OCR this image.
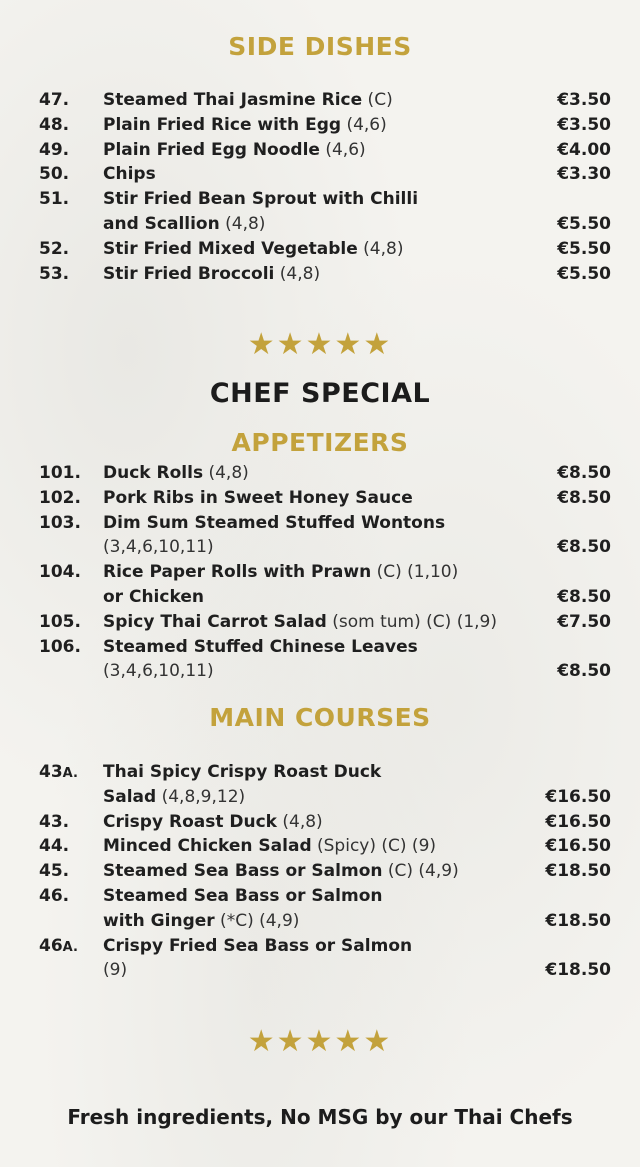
SIDE DISHES
47. Steamed Thai Jasmine Rice (C)	€3.50
48. Plain Fried Rice with Egg (4,6)	€3.50
49. Plain Fried Egg Noodle (4,6)	€4.00
50. Chips	€3.30
51. Stir Fried Bean Sprout with Chilli
and Scallion (4,8)	€5.50
52. Stir Fried Mixed Vegetable (4,8)	€5.50
53. Stir Fried Broccoli (4,8)	€5.50
★★★★★
CHEF SPECIAL
APPETIZERS
101. Duck Rolls (4,8)	€8.50
102. Pork Ribs in Sweet Honey Sauce	€8.50
103. Dim Sum Steamed Stuffed Wontons
(3,4,6,10,11)	€8.50
104. Rice Paper Rolls with Prawn (C) (1,10)
or Chicken	€8.50
105. Spicy Thai Carrot Salad (som tum) (C) (1,9)	€7.50
106. Steamed Stuffed Chinese Leaves
(3,4,6,10,11)	€8.50
MAIN COURSES
43A. Thai Spicy Crispy Roast Duck
Salad (4,8,9,12)	€16.50
43. Crispy Roast Duck (4,8)	€16.50
44. Minced Chicken Salad (Spicy) (C) (9)	€16.50
45. Steamed Sea Bass or Salmon (C) (4,9)	€18.50
46. Steamed Sea Bass or Salmon
with Ginger (*C) (4,9)	€18.50
46A. Crispy Fried Sea Bass or Salmon
(9)	€18.50
★★★★★
Fresh ingredients, No MSG by our Thai Chefs
